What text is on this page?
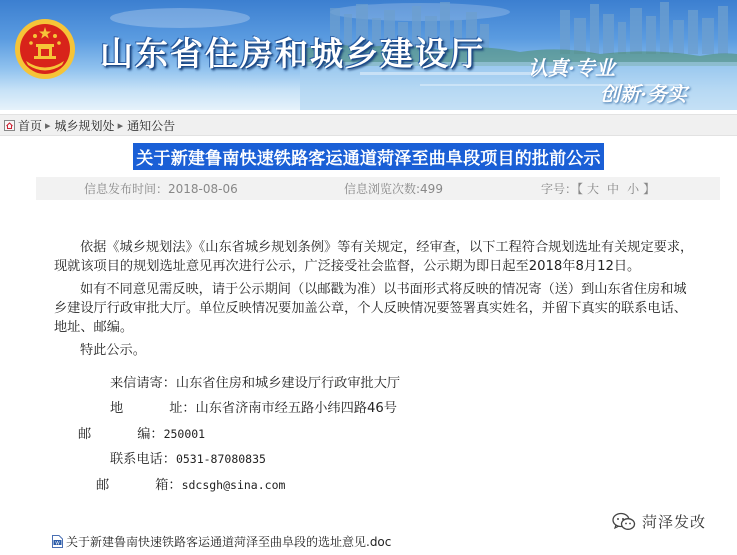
山东省住房和城乡建设厅 认真·专业
创新·务实
首页 ▸ 城乡规划处 ▸ 通知公告
关于新建鲁南快速铁路客运通道菏泽至曲阜段项目的批前公示
信息发布时间：2018-08-06	信息浏览次数:499	字号：【 大 中 小 】

依据《城乡规划法》《山东省城乡规划条例》等有关规定，经审查，以下工程符合规划选址有关规定要求，现就该项目的规划选址意见再次进行公示，广泛接受社会监督，公示期为即日起至2018年8月12日。

如有不同意见需反映，请于公示期间（以邮戳为准）以书面形式将反映的情况寄（送）到山东省住房和城乡建设厅行政审批大厅。单位反映情况要加盖公章，个人反映情况要签署真实姓名，并留下真实的联系电话、地址、邮编。

特此公示。

来信请寄：山东省住房和城乡建设厅行政审批大厅
地	址：山东省济南市经五路小纬四路46号
邮	编：250001
联系电话：0531-87080835
邮	箱：sdcsgh@sina.com
W 关于新建鲁南快速铁路客运通道菏泽至曲阜段的选址意见.doc
菏泽发改
